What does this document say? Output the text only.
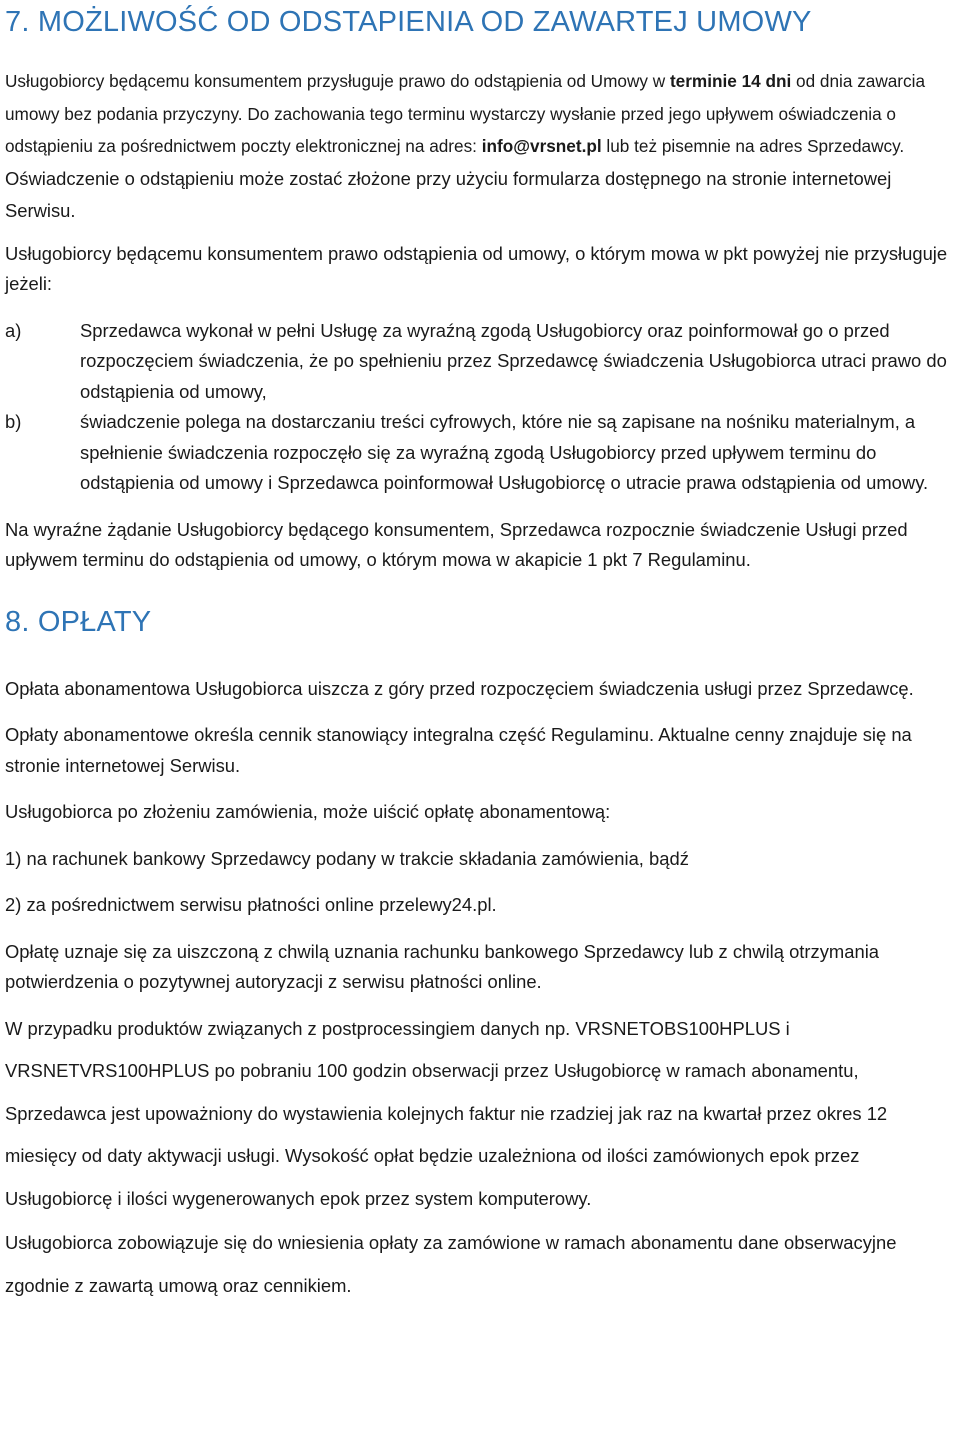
7. MOŻLIWOŚĆ OD ODSTAPIENIA OD ZAWARTEJ UMOWY

Usługobiorcy będącemu konsumentem przysługuje prawo do odstąpienia od Umowy w terminie 14 dni od dnia zawarcia umowy bez podania przyczyny. Do zachowania tego terminu wystarczy wysłanie przed jego upływem oświadczenia o odstąpieniu za pośrednictwem poczty elektronicznej na adres: info@vrsnet.pl lub też pisemnie na adres Sprzedawcy. Oświadczenie o odstąpieniu może zostać złożone przy użyciu formularza dostępnego na stronie internetowej Serwisu.

Usługobiorcy będącemu konsumentem prawo odstąpienia od umowy, o którym mowa w pkt powyżej nie przysługuje jeżeli:

a)	Sprzedawca wykonał w pełni Usługę za wyraźną zgodą Usługobiorcy oraz poinformował go o przed rozpoczęciem świadczenia, że po spełnieniu przez Sprzedawcę świadczenia Usługobiorca utraci prawo do odstąpienia od umowy,
b)	świadczenie polega na dostarczaniu treści cyfrowych, które nie są zapisane na nośniku materialnym, a spełnienie świadczenia rozpoczęło się za wyraźną zgodą Usługobiorcy przed upływem terminu do odstąpienia od umowy i Sprzedawca poinformował Usługobiorcę o utracie prawa odstąpienia od umowy.

Na wyraźne żądanie Usługobiorcy będącego konsumentem, Sprzedawca rozpocznie świadczenie Usługi przed upływem terminu do odstąpienia od umowy, o którym mowa w akapicie 1 pkt 7 Regulaminu.

8. OPŁATY

Opłata abonamentowa Usługobiorca uiszcza z góry przed rozpoczęciem świadczenia usługi przez Sprzedawcę.

Opłaty abonamentowe określa cennik stanowiący integralna część Regulaminu. Aktualne cenny znajduje się na stronie internetowej Serwisu.

Usługobiorca po złożeniu zamówienia, może uiścić opłatę abonamentową:

1) na rachunek bankowy Sprzedawcy podany w trakcie składania zamówienia, bądź

2) za pośrednictwem serwisu płatności online przelewy24.pl.

Opłatę uznaje się za uiszczoną z chwilą uznania rachunku bankowego Sprzedawcy lub z chwilą otrzymania potwierdzenia o pozytywnej autoryzacji z serwisu płatności online.

W przypadku produktów związanych z postprocessingiem danych np. VRSNETOBS100HPLUS i VRSNETVRS100HPLUS po pobraniu 100 godzin obserwacji przez Usługobiorcę w ramach abonamentu, Sprzedawca jest upoważniony do wystawienia kolejnych faktur nie rzadziej jak raz na kwartał przez okres 12 miesięcy od daty aktywacji usługi. Wysokość opłat będzie uzależniona od ilości zamówionych epok przez Usługobiorcę i ilości wygenerowanych epok przez system komputerowy.

Usługobiorca zobowiązuje się do wniesienia opłaty za zamówione w ramach abonamentu dane obserwacyjne zgodnie z zawartą umową oraz cennikiem.
